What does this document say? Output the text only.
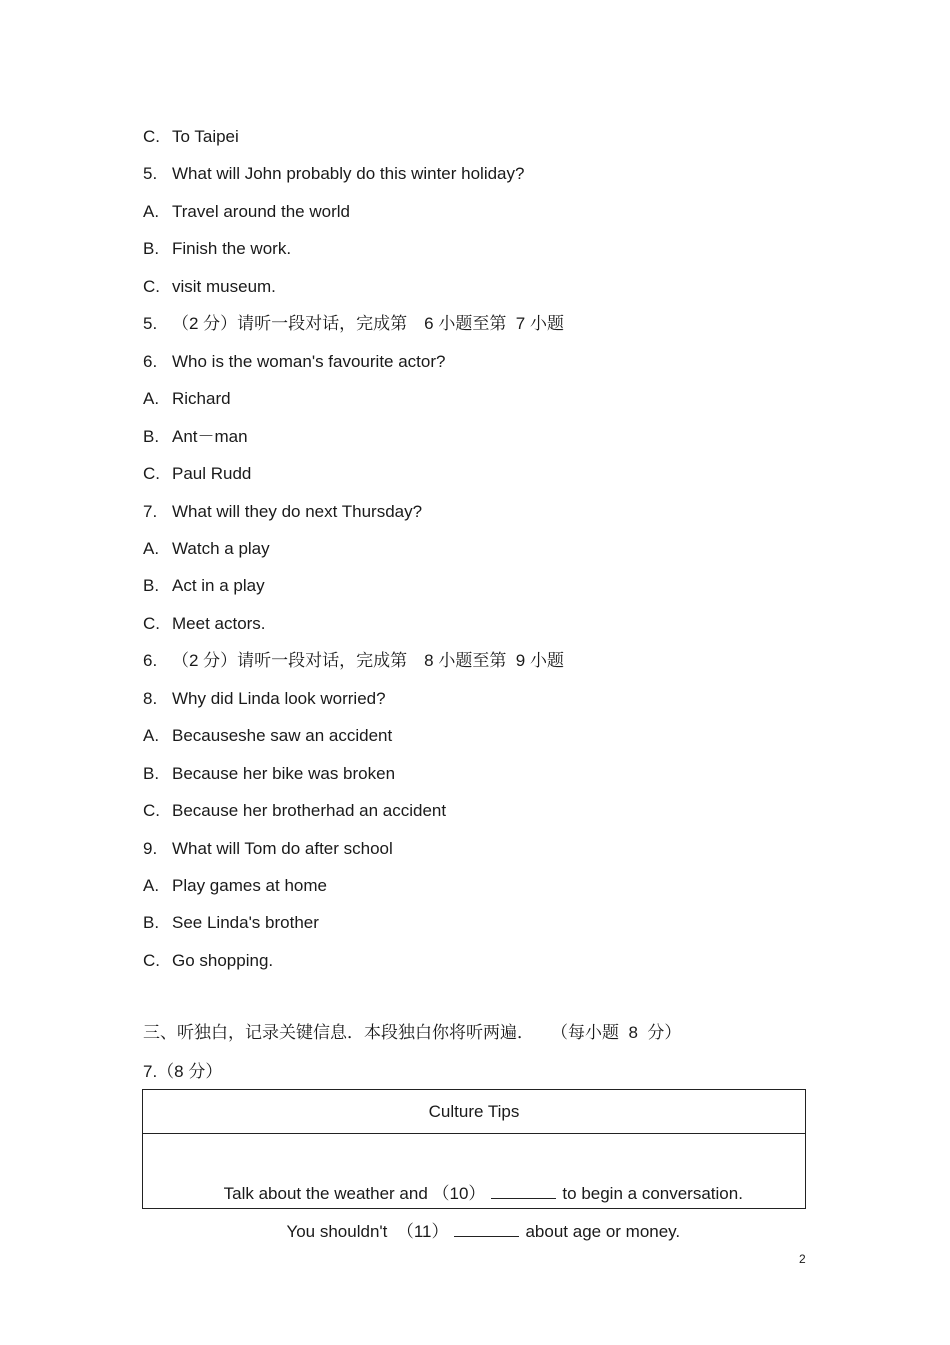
C. To Taipei
5. What will John probably do this winter holiday?
A. Travel around the world
B. Finish the work.
C. visit museum.
5. （2 分）请听一段对话，完成第　6 小题至第  7 小题
6. Who is the woman's favourite actor?
A. Richard
B. Ant－man
C. Paul Rudd
7. What will they do next Thursday?
A. Watch a play
B. Act in a play
C. Meet actors.
6. （2 分）请听一段对话，完成第　8 小题至第  9 小题
8. Why did Linda look worried?
A. Becauseshe saw an accident
B. Because her bike was broken
C. Because her brotherhad an accident
9. What will Tom do after school
A. Play games at home
B. See Linda's brother
C. Go shopping.
三、听独白，记录关键信息．本段独白你将听两遍．　　（每小题  8  分）
7.（8 分）
Culture Tips

Talk about the weather and （10）	to begin a conversation.

You shouldn't  （11）	about age or money.

2
